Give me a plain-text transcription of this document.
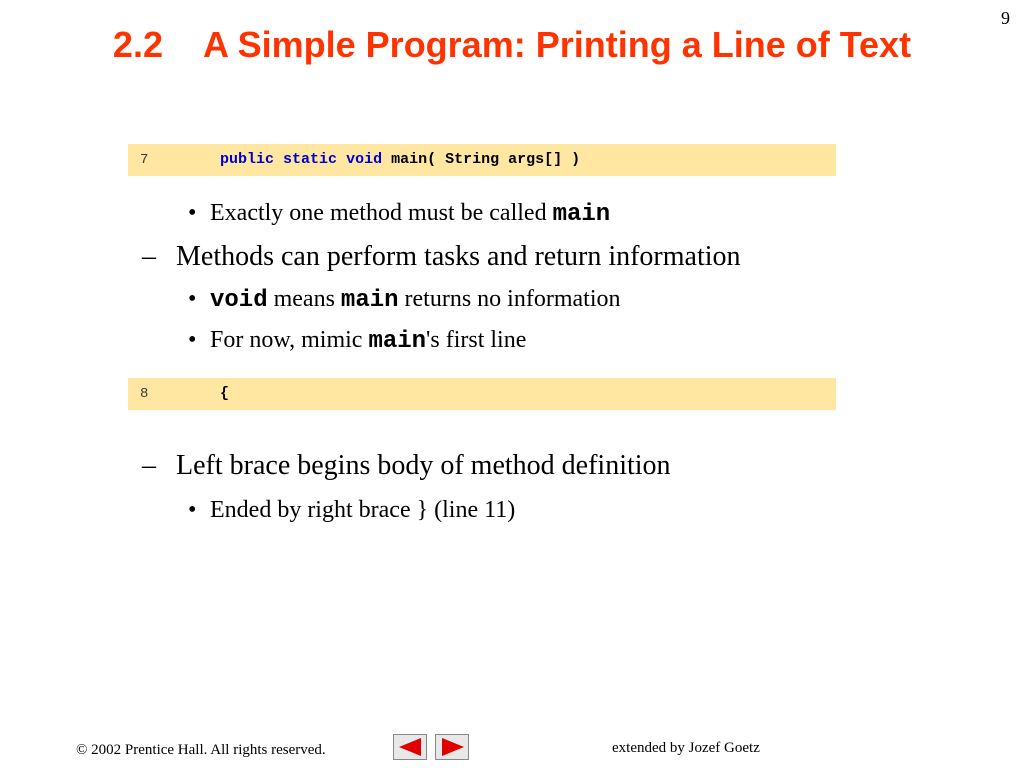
9
2.2 A Simple Program: Printing a Line of Text
7	public static void main( String args[] )
• Exactly one method must be called main
– Methods can perform tasks and return information
• void means main returns no information
• For now, mimic main's first line
8	{
– Left brace begins body of method definition
• Ended by right brace } (line 11)
© 2002 Prentice Hall. All rights reserved.	extended by Jozef Goetz
